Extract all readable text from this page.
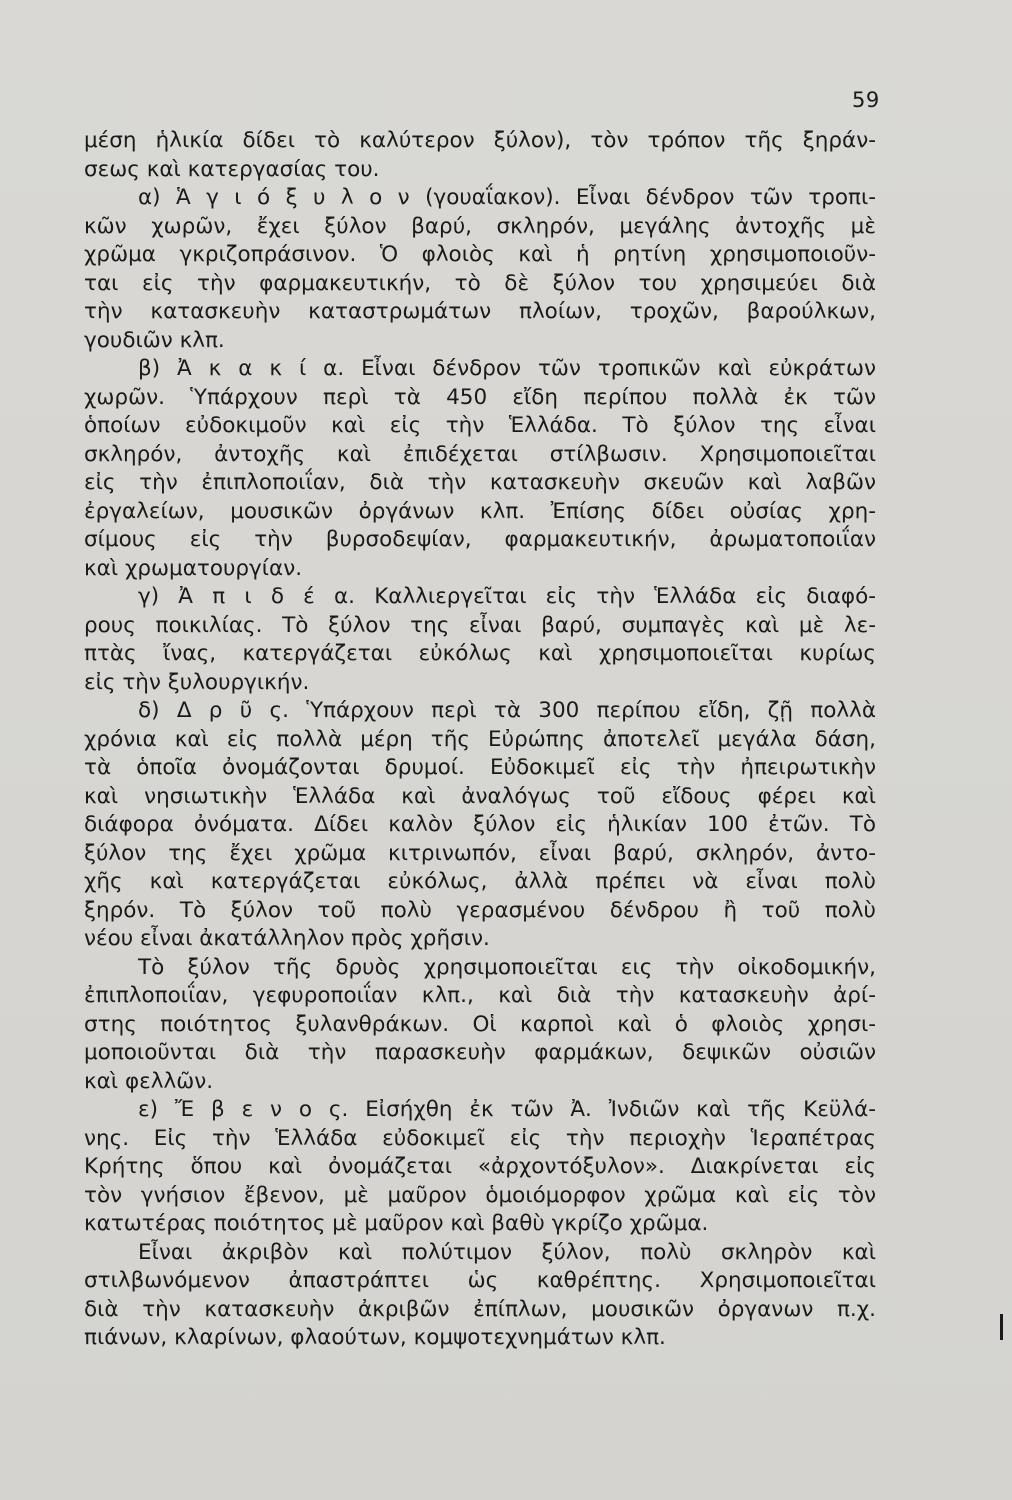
59
μέση ἡλικία δίδει τὸ καλύτερον ξύλον), τὸν τρόπον τῆς ξηράν-
σεως καὶ κατεργασίας του.
α) Ἁ γ ι ό ξ υ λ ο ν (γουαΐακον). Εἶναι δένδρον τῶν τροπι-
κῶν χωρῶν, ἔχει ξύλον βαρύ, σκληρόν, μεγάλης ἀντοχῆς μὲ
χρῶμα γκριζοπράσινον. Ὁ φλοιὸς καὶ ἡ ρητίνη χρησιμοποιοῦν-
ται εἰς τὴν φαρμακευτικήν, τὸ δὲ ξύλον του χρησιμεύει διὰ
τὴν κατασκευὴν καταστρωμάτων πλοίων, τροχῶν, βαρούλκων,
γουδιῶν κλπ.
β) Ἀ κ α κ ί α. Εἶναι δένδρον τῶν τροπικῶν καὶ εὐκράτων
χωρῶν. Ὑπάρχουν περὶ τὰ 450 εἴδη περίπου πολλὰ ἐκ τῶν
ὁποίων εὐδοκιμοῦν καὶ εἰς τὴν Ἑλλάδα. Τὸ ξύλον της εἶναι
σκληρόν, ἀντοχῆς καὶ ἐπιδέχεται στίλβωσιν. Χρησιμοποιεῖται
εἰς τὴν ἐπιπλοποιΐαν, διὰ τὴν κατασκευὴν σκευῶν καὶ λαβῶν
ἐργαλείων, μουσικῶν ὀργάνων κλπ. Ἐπίσης δίδει οὐσίας χρη-
σίμους εἰς τὴν βυρσοδεψίαν, φαρμακευτικήν, ἀρωματοποιΐαν
καὶ χρωματουργίαν.
γ) Ἀ π ι δ έ α. Καλλιεργεῖται εἰς τὴν Ἑλλάδα εἰς διαφό-
ρους ποικιλίας. Τὸ ξύλον της εἶναι βαρύ, συμπαγὲς καὶ μὲ λε-
πτὰς ἴνας, κατεργάζεται εὐκόλως καὶ χρησιμοποιεῖται κυρίως
εἰς τὴν ξυλουργικήν.
δ) Δ ρ ῦ ς. Ὑπάρχουν περὶ τὰ 300 περίπου εἴδη, ζῇ πολλὰ
χρόνια καὶ εἰς πολλὰ μέρη τῆς Εὐρώπης ἀποτελεῖ μεγάλα δάση,
τὰ ὁποῖα ὀνομάζονται δρυμοί. Εὐδοκιμεῖ εἰς τὴν ἠπειρωτικὴν
καὶ νησιωτικὴν Ἑλλάδα καὶ ἀναλόγως τοῦ εἴδους φέρει καὶ
διάφορα ὀνόματα. Δίδει καλὸν ξύλον εἰς ἡλικίαν 100 ἐτῶν. Τὸ
ξύλον της ἔχει χρῶμα κιτρινωπόν, εἶναι βαρύ, σκληρόν, ἀντο-
χῆς καὶ κατεργάζεται εὐκόλως, ἀλλὰ πρέπει νὰ εἶναι πολὺ
ξηρόν. Τὸ ξύλον τοῦ πολὺ γερασμένου δένδρου ἢ τοῦ πολὺ
νέου εἶναι ἀκατάλληλον πρὸς χρῆσιν.
Τὸ ξύλον τῆς δρυὸς χρησιμοποιεῖται εις τὴν οἰκοδομικήν,
ἐπιπλοποιΐαν, γεφυροποιΐαν κλπ., καὶ διὰ τὴν κατασκευὴν ἀρί-
στης ποιότητος ξυλανθράκων. Οἱ καρποὶ καὶ ὁ φλοιὸς χρησι-
μοποιοῦνται διὰ τὴν παρασκευὴν φαρμάκων, δεψικῶν οὐσιῶν
καὶ φελλῶν.
ε) Ἔ β ε ν ο ς. Εἰσήχθη ἐκ τῶν Ἀ. Ἰνδιῶν καὶ τῆς Κεϋλά-
νης. Εἰς τὴν Ἑλλάδα εὐδοκιμεῖ εἰς τὴν περιοχὴν Ἱεραπέτρας
Κρήτης ὅπου καὶ ὀνομάζεται «ἀρχοντόξυλον». Διακρίνεται εἰς
τὸν γνήσιον ἔβενον, μὲ μαῦρον ὁμοιόμορφον χρῶμα καὶ εἰς τὸν
κατωτέρας ποιότητος μὲ μαῦρον καὶ βαθὺ γκρίζο χρῶμα.
Εἶναι ἀκριβὸν καὶ πολύτιμον ξύλον, πολὺ σκληρὸν καὶ
στιλβωνόμενον ἀπαστράπτει ὡς καθρέπτης. Χρησιμοποιεῖται
διὰ τὴν κατασκευὴν ἀκριβῶν ἐπίπλων, μουσικῶν ὀργανων π.χ.
πιάνων, κλαρίνων, φλαούτων, κομψοτεχνημάτων κλπ.
